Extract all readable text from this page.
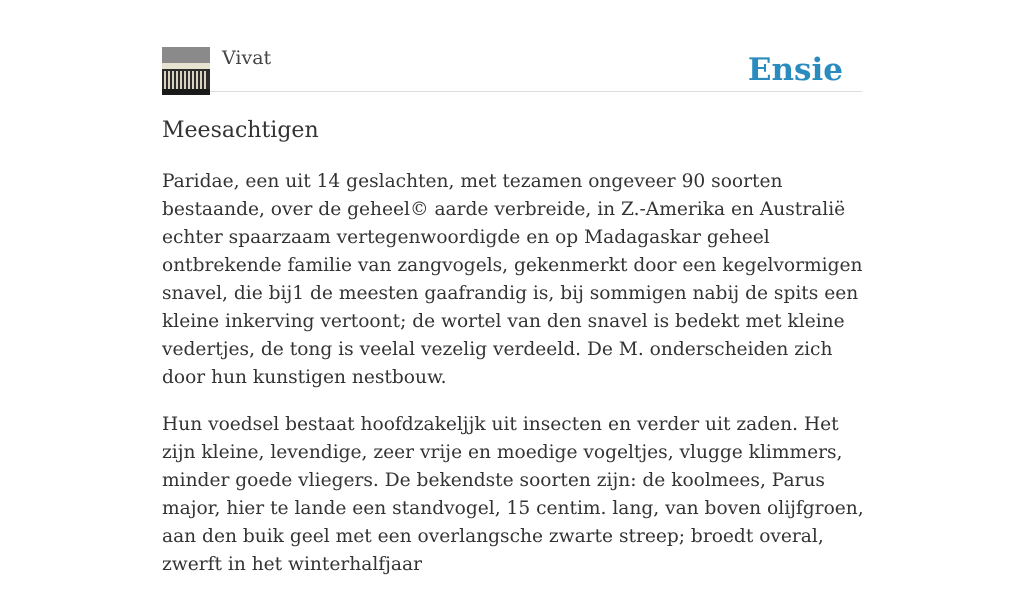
Vivat	Ensie
Meesachtigen

Paridae, een uit 14 geslachten, met tezamen ongeveer 90 soorten bestaande, over de geheel© aarde verbreide, in Z.-Amerika en Australië echter spaarzaam vertegenwoordigde en op Madagaskar geheel ontbrekende familie van zangvogels, gekenmerkt door een kegelvormigen snavel, die bij1 de meesten gaafrandig is, bij sommigen nabij de spits een kleine inkerving vertoont; de wortel van den snavel is bedekt met kleine vedertjes, de tong is veelal vezelig verdeeld. De M. onderscheiden zich door hun kunstigen nestbouw.

Hun voedsel bestaat hoofdzakeljjk uit insecten en verder uit zaden. Het zijn kleine, levendige, zeer vrije en moedige vogeltjes, vlugge klimmers, minder goede vliegers. De bekendste soorten zijn: de koolmees, Parus major, hier te lande een standvogel, 15 centim. lang, van boven olijfgroen, aan den buik geel met een overlangsche zwarte streep; broedt overal, zwerft in het winterhalfjaar
